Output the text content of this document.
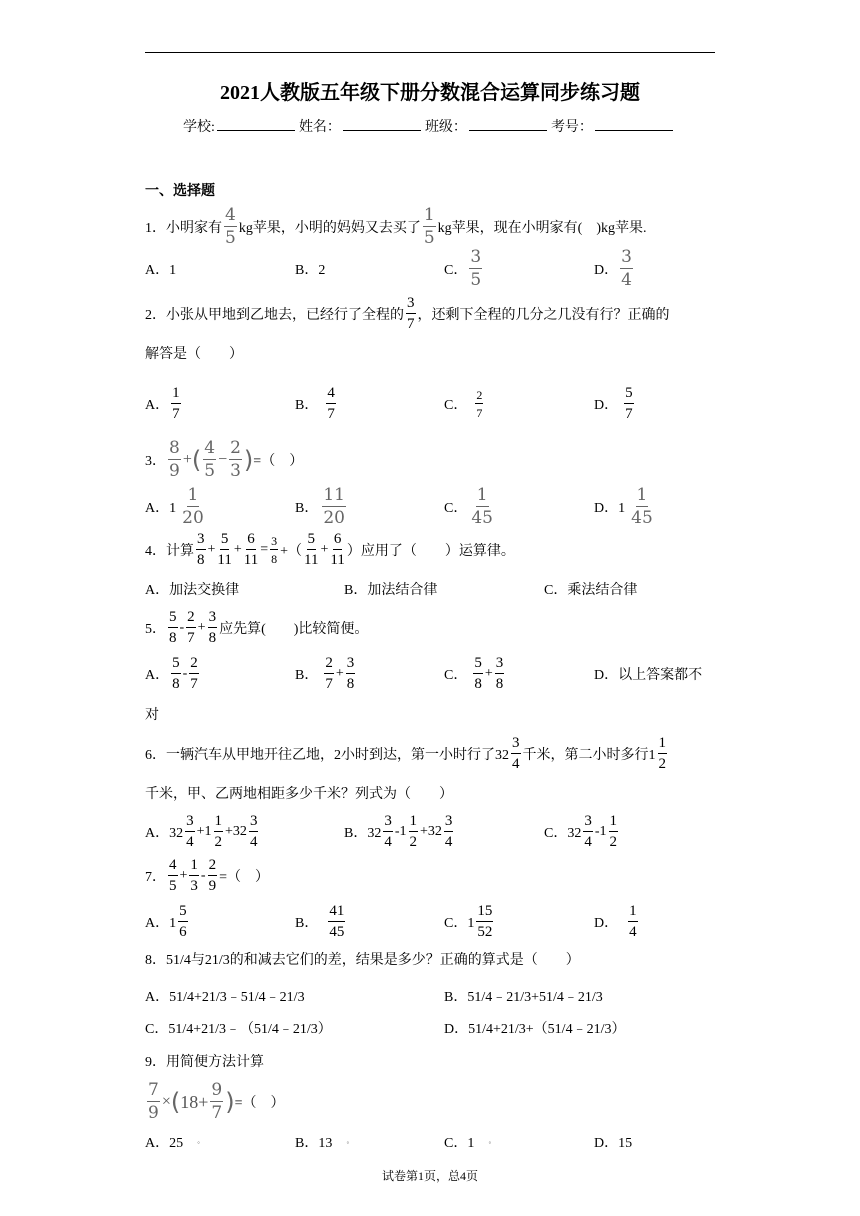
2021人教版五年级下册分数混合运算同步练习题
学校:	姓名：	班级：	考号：
一、选择题
1．小明家有 $\frac{4}{5}$ kg苹果，小明的妈妈又去买了 $\frac{1}{5}$ kg苹果，现在小明家有( )kg苹果.
A．1	B．2	C． $\frac{3}{5}$	D． $\frac{3}{4}$
2．小张从甲地到乙地去，已经行了全程的 $\frac{3}{7}$ ，还剩下全程的几分之几没有行？正确的
解答是（　　）
A． $\frac{1}{7}$	B． $\frac{4}{7}$	C． $\frac{2}{7}$	D． $\frac{5}{7}$
3． $\frac{8}{9}$ + ( $\frac{4}{5} - \frac{2}{3}$ ) =（　）
A．$1 \frac{1}{20}$	B． $\frac{11}{20}$	C． $\frac{1}{45}$	D．$1 \frac{1}{45}$
4．计算 $\frac{3}{8} + \frac{5}{11} + \frac{6}{11} = \frac{3}{8}$ +（ $\frac{5}{11} + \frac{6}{11}$ ）应用了（　　）运算律。
A．加法交换律	B．加法结合律	C．乘法结合律
5． $\frac{5}{8} - \frac{2}{7} + \frac{3}{8}$ 应先算(　　)比较简便。
A． $\frac{5}{8} - \frac{2}{7}$	B． $\frac{2}{7} + \frac{3}{8}$	C． $\frac{5}{8} + \frac{3}{8}$	D．以上答案都不
对
6．一辆汽车从甲地开往乙地，2小时到达，第一小时行了$32 \frac{3}{4}$ 千米，第二小时多行$1 \frac{1}{2}$
千米，甲、乙两地相距多少千米？列式为（　　）
A．$32 \frac{3}{4} +1 \frac{1}{2} +32 \frac{3}{4}$	B．$32 \frac{3}{4} -1 \frac{1}{2} +32 \frac{3}{4}$	C．$32 \frac{3}{4} -1 \frac{1}{2}$
7． $\frac{4}{5} + \frac{1}{3} - \frac{2}{9}$ =（　）
A．$1 \frac{5}{6}$	B． $\frac{41}{45}$	C．$1 \frac{15}{52}$	D． $\frac{1}{4}$
8．51/4与21/3的和减去它们的差，结果是多少？正确的算式是（　　）
A．51/4+21/3﹣51/4﹣21/3	B．51/4﹣21/3+51/4﹣21/3
C．51/4+21/3﹣（51/4﹣21/3）	D．51/4+21/3+（51/4﹣21/3）
9．用简便方法计算
$\frac{7}{9}$ × ( $18+ \frac{9}{7}$ ) =（　）
A．25 ◦	B．13 ◦	C．1 ◦	D．15
试卷第1页，总4页
